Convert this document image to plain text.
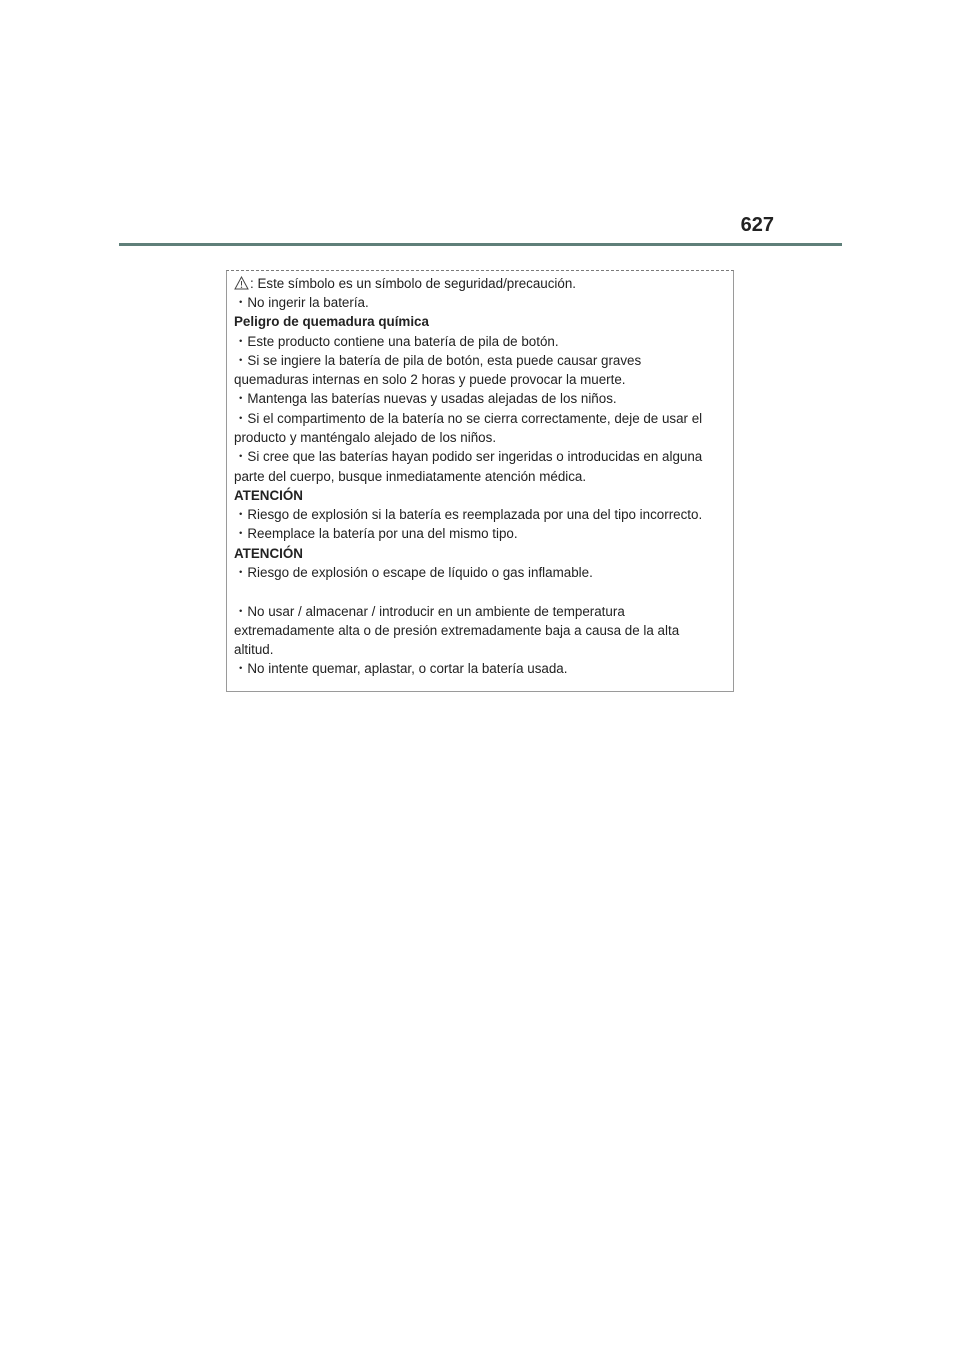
627
: Este símbolo es un símbolo de seguridad/precaución.
・No ingerir la batería.
Peligro de quemadura química
・Este producto contiene una batería de pila de botón.
・Si se ingiere la batería de pila de botón, esta puede causar graves
quemaduras internas en solo 2 horas y puede provocar la muerte.
・Mantenga las baterías nuevas y usadas alejadas de los niños.
・Si el compartimento de la batería no se cierra correctamente, deje de usar el
producto y manténgalo alejado de los niños.
・Si cree que las baterías hayan podido ser ingeridas o introducidas en alguna
parte del cuerpo, busque inmediatamente atención médica.
ATENCIÓN
・Riesgo de explosión si la batería es reemplazada por una del tipo incorrecto.
・Reemplace la batería por una del mismo tipo.
ATENCIÓN
・Riesgo de explosión o escape de líquido o gas inflamable.
・No usar / almacenar / introducir en un ambiente de temperatura
extremadamente alta o de presión extremadamente baja a causa de la alta
altitud.
・No intente quemar, aplastar, o cortar la batería usada.
